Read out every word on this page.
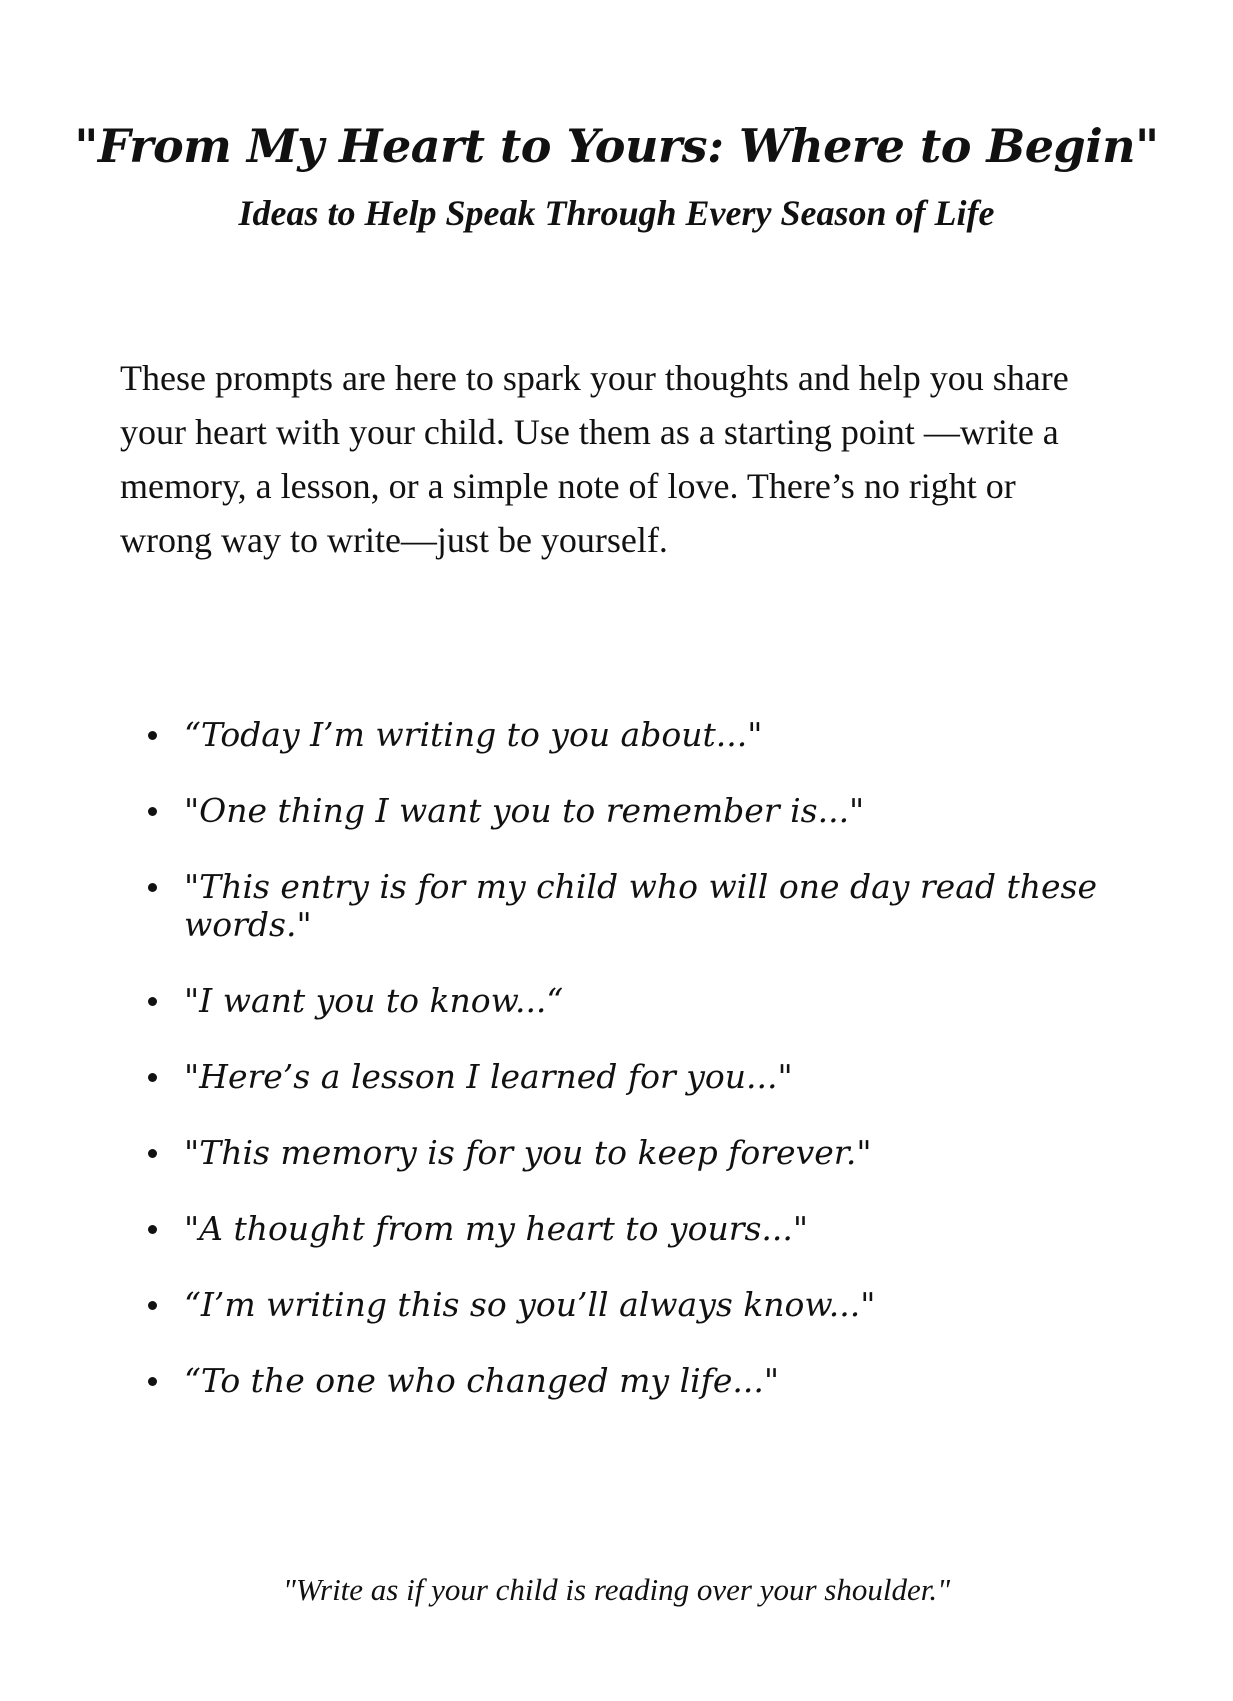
"From My Heart to Yours: Where to Begin"
Ideas to Help Speak Through Every Season of Life

These prompts are here to spark your thoughts and help you share your heart with your child. Use them as a starting point —write a memory, a lesson, or a simple note of love. There’s no right or wrong way to write—just be yourself.

“Today I’m writing to you about..."
"One thing I want you to remember is..."
"This entry is for my child who will one day read these words."
"I want you to know...“
"Here’s a lesson I learned for you..."
"This memory is for you to keep forever."
"A thought from my heart to yours..."
“I’m writing this so you’ll always know..."
“To the one who changed my life..."

"Write as if your child is reading over your shoulder."
